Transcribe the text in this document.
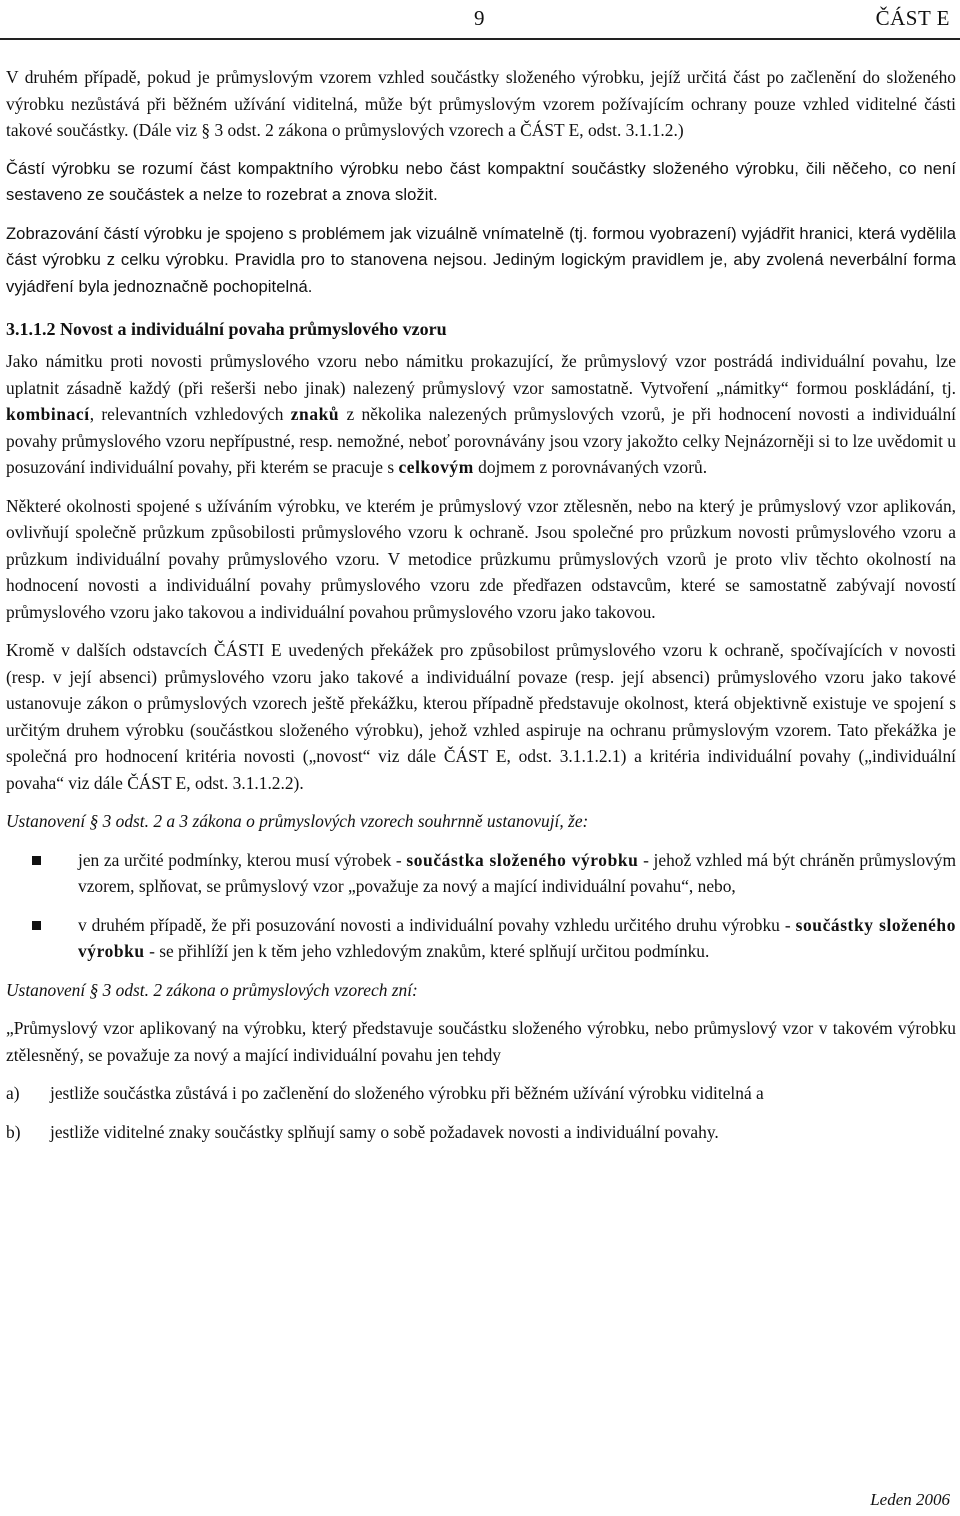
9	ČÁST E

V druhém případě, pokud je průmyslovým vzorem vzhled součástky složeného výrobku, jejíž určitá část po začlenění do složeného výrobku nezůstává při běžném užívání viditelná, může být průmyslovým vzorem požívajícím ochrany pouze vzhled viditelné části takové součástky. (Dále viz § 3 odst. 2 zákona o průmyslových vzorech a ČÁST E, odst. 3.1.1.2.)

Částí výrobku se rozumí část kompaktního výrobku nebo část kompaktní součástky složeného výrobku, čili něčeho, co není sestaveno ze součástek a nelze to rozebrat a znova složit.

Zobrazování částí výrobku je spojeno s problémem jak vizuálně vnímatelně (tj. formou vyobrazení) vyjádřit hranici, která vydělila část výrobku z celku výrobku. Pravidla pro to stanovena nejsou. Jediným logickým pravidlem je, aby zvolená neverbální forma vyjádření byla jednoznačně pochopitelná.

3.1.1.2 Novost a individuální povaha průmyslového vzoru

Jako námitku proti novosti průmyslového vzoru nebo námitku prokazující, že průmyslový vzor postrádá individuální povahu, lze uplatnit zásadně každý (při rešerši nebo jinak) nalezený průmyslový vzor samostatně. Vytvoření „námitky“ formou poskládání, tj. kombinací, relevantních vzhledových znaků z několika nalezených průmyslových vzorů, je při hodnocení novosti a individuální povahy průmyslového vzoru nepřípustné, resp. nemožné, neboť porovnávány jsou vzory jakožto celky Nejnázorněji si to lze uvědomit u posuzování individuální povahy, při kterém se pracuje s celkovým dojmem z porovnávaných vzorů.

Některé okolnosti spojené s užíváním výrobku, ve kterém je průmyslový vzor ztělesněn, nebo na který je průmyslový vzor aplikován, ovlivňují společně průzkum způsobilosti průmyslového vzoru k ochraně. Jsou společné pro průzkum novosti průmyslového vzoru a průzkum individuální povahy průmyslového vzoru. V metodice průzkumu průmyslových vzorů je proto vliv těchto okolností na hodnocení novosti a individuální povahy průmyslového vzoru zde předřazen odstavcům, které se samostatně zabývají novostí průmyslového vzoru jako takovou a individuální povahou průmyslového vzoru jako takovou.

Kromě v dalších odstavcích ČÁSTI E uvedených překážek pro způsobilost průmyslového vzoru k ochraně, spočívajících v novosti (resp. v její absenci) průmyslového vzoru jako takové a individuální povaze (resp. její absenci) průmyslového vzoru jako takové ustanovuje zákon o průmyslových vzorech ještě překážku, kterou případně představuje okolnost, která objektivně existuje ve spojení s určitým druhem výrobku (součástkou složeného výrobku), jehož vzhled aspiruje na ochranu průmyslovým vzorem. Tato překážka je společná pro hodnocení kritéria novosti („novost“ viz dále ČÁST E, odst. 3.1.1.2.1) a kritéria individuální povahy („individuální povaha“ viz dále ČÁST E, odst. 3.1.1.2.2).

Ustanovení § 3 odst. 2 a 3 zákona o průmyslových vzorech souhrnně ustanovují, že:

jen za určité podmínky, kterou musí výrobek - součástka složeného výrobku - jehož vzhled má být chráněn průmyslovým vzorem, splňovat, se průmyslový vzor „považuje za nový a mající individuální povahu“, nebo,
v druhém případě, že při posuzování novosti a individuální povahy vzhledu určitého druhu výrobku - součástky složeného výrobku - se přihlíží jen k těm jeho vzhledovým znakům, které splňují určitou podmínku.

Ustanovení § 3 odst. 2 zákona o průmyslových vzorech zní:

„Průmyslový vzor aplikovaný na výrobku, který představuje součástku složeného výrobku, nebo průmyslový vzor v takovém výrobku ztělesněný, se považuje za nový a mající individuální povahu jen tehdy

a) jestliže součástka zůstává i po začlenění do složeného výrobku při běžném užívání výrobku viditelná a
b) jestliže viditelné znaky součástky splňují samy o sobě požadavek novosti a individuální povahy.
Leden 2006
